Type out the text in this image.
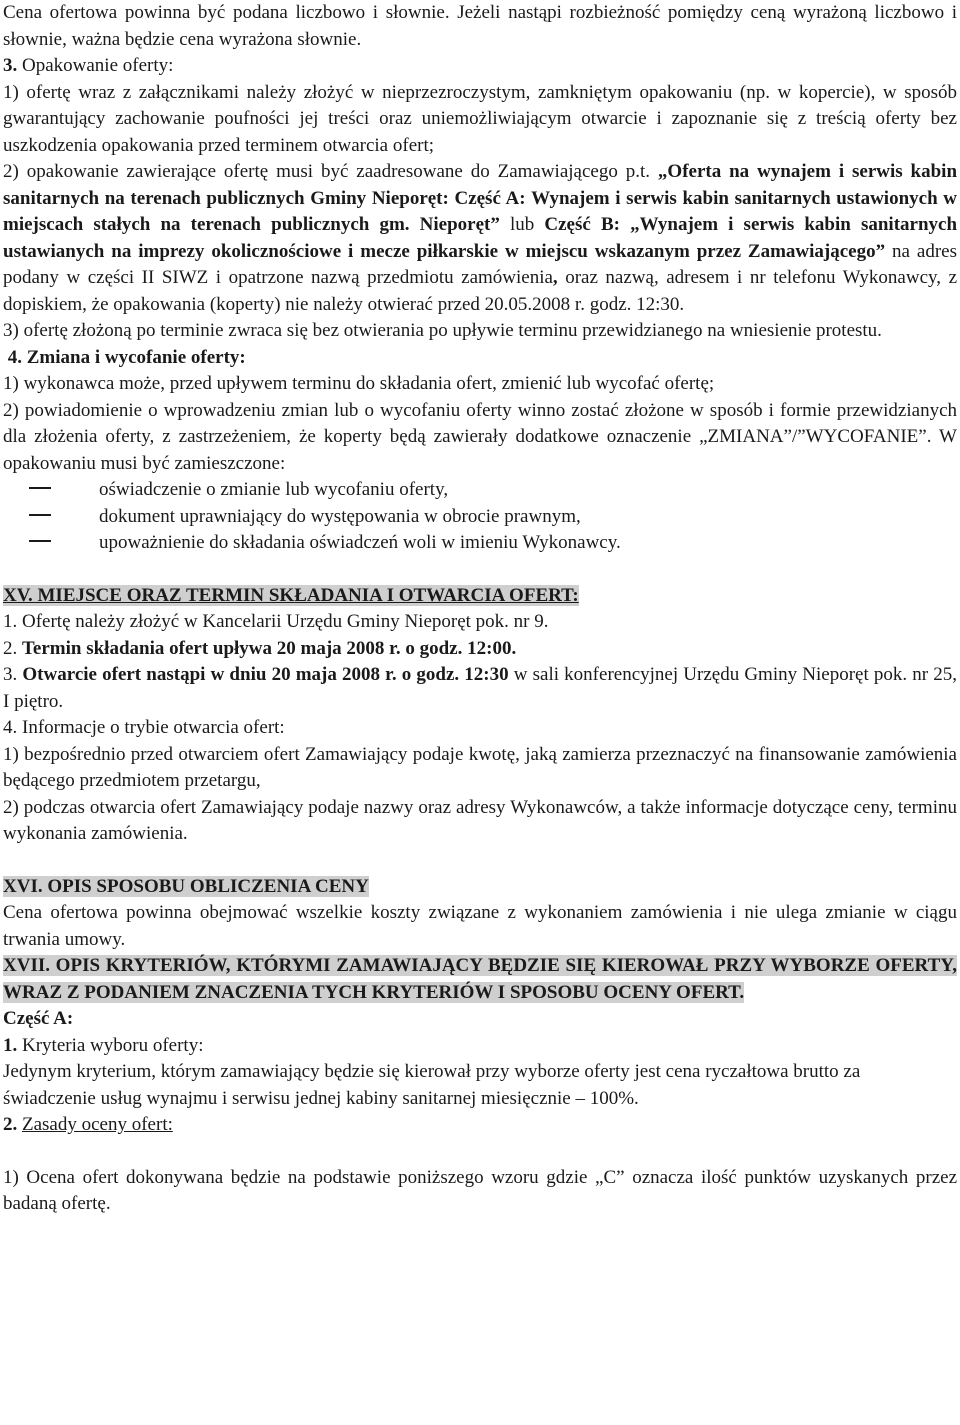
Cena ofertowa powinna być podana liczbowo i słownie. Jeżeli nastąpi rozbieżność pomiędzy ceną wyrażoną liczbowo i słownie, ważna będzie cena wyrażona słownie.

3. Opakowanie oferty:

1) ofertę wraz z załącznikami należy złożyć w nieprzezroczystym, zamkniętym opakowaniu (np. w kopercie), w sposób gwarantujący zachowanie poufności jej treści oraz uniemożliwiającym otwarcie i zapoznanie się z treścią oferty bez uszkodzenia opakowania przed terminem otwarcia ofert;

2) opakowanie zawierające ofertę musi być zaadresowane do Zamawiającego p.t. „Oferta na wynajem i serwis kabin sanitarnych na terenach publicznych Gminy Nieporęt: Część A: Wynajem i serwis kabin sanitarnych ustawionych w miejscach stałych na terenach publicznych gm. Nieporęt” lub Część B: „Wynajem i serwis kabin sanitarnych ustawianych na imprezy okolicznościowe i mecze piłkarskie w miejscu wskazanym przez Zamawiającego” na adres podany w części II SIWZ i opatrzone nazwą przedmiotu zamówienia, oraz nazwą, adresem i nr telefonu Wykonawcy, z dopiskiem, że opakowania (koperty) nie należy otwierać przed 20.05.2008 r. godz. 12:30.

3) ofertę złożoną po terminie zwraca się bez otwierania po upływie terminu przewidzianego na wniesienie protestu.

4. Zmiana i wycofanie oferty:

1) wykonawca może, przed upływem terminu do składania ofert, zmienić lub wycofać ofertę;

2) powiadomienie o wprowadzeniu zmian lub o wycofaniu oferty winno zostać złożone w sposób i formie przewidzianych dla złożenia oferty, z zastrzeżeniem, że koperty będą zawierały dodatkowe oznaczenie „ZMIANA”/”WYCOFANIE”. W opakowaniu musi być zamieszczone:

oświadczenie o zmianie lub wycofaniu oferty,
dokument uprawniający do występowania w obrocie prawnym,
upoważnienie do składania oświadczeń woli w imieniu Wykonawcy.

XV. MIEJSCE ORAZ TERMIN SKŁADANIA I OTWARCIA OFERT:

1. Ofertę należy złożyć w Kancelarii Urzędu Gminy Nieporęt pok. nr 9.

2. Termin składania ofert upływa 20 maja 2008 r. o godz. 12:00.

3. Otwarcie ofert nastąpi w dniu 20 maja 2008 r. o godz. 12:30 w sali konferencyjnej Urzędu Gminy Nieporęt pok. nr 25, I piętro.

4. Informacje o trybie otwarcia ofert:

1) bezpośrednio przed otwarciem ofert Zamawiający podaje kwotę, jaką zamierza przeznaczyć na finansowanie zamówienia będącego przedmiotem przetargu,

2) podczas otwarcia ofert Zamawiający podaje nazwy oraz adresy Wykonawców, a także informacje dotyczące ceny, terminu wykonania zamówienia.

XVI. OPIS SPOSOBU OBLICZENIA CENY

Cena ofertowa powinna obejmować wszelkie koszty związane z wykonaniem zamówienia i nie ulega zmianie w ciągu trwania umowy.

XVII. OPIS KRYTERIÓW, KTÓRYMI ZAMAWIAJĄCY BĘDZIE SIĘ KIEROWAŁ PRZY WYBORZE OFERTY, WRAZ Z PODANIEM ZNACZENIA TYCH KRYTERIÓW I SPOSOBU OCENY OFERT.

Część A:

1. Kryteria wyboru oferty:

Jedynym kryterium, którym zamawiający będzie się kierował przy wyborze oferty jest cena ryczałtowa brutto za świadczenie usług wynajmu i serwisu jednej kabiny sanitarnej miesięcznie – 100%.

2. Zasady oceny ofert:

1) Ocena ofert dokonywana będzie na podstawie poniższego wzoru gdzie „C” oznacza ilość punktów uzyskanych przez badaną ofertę.
